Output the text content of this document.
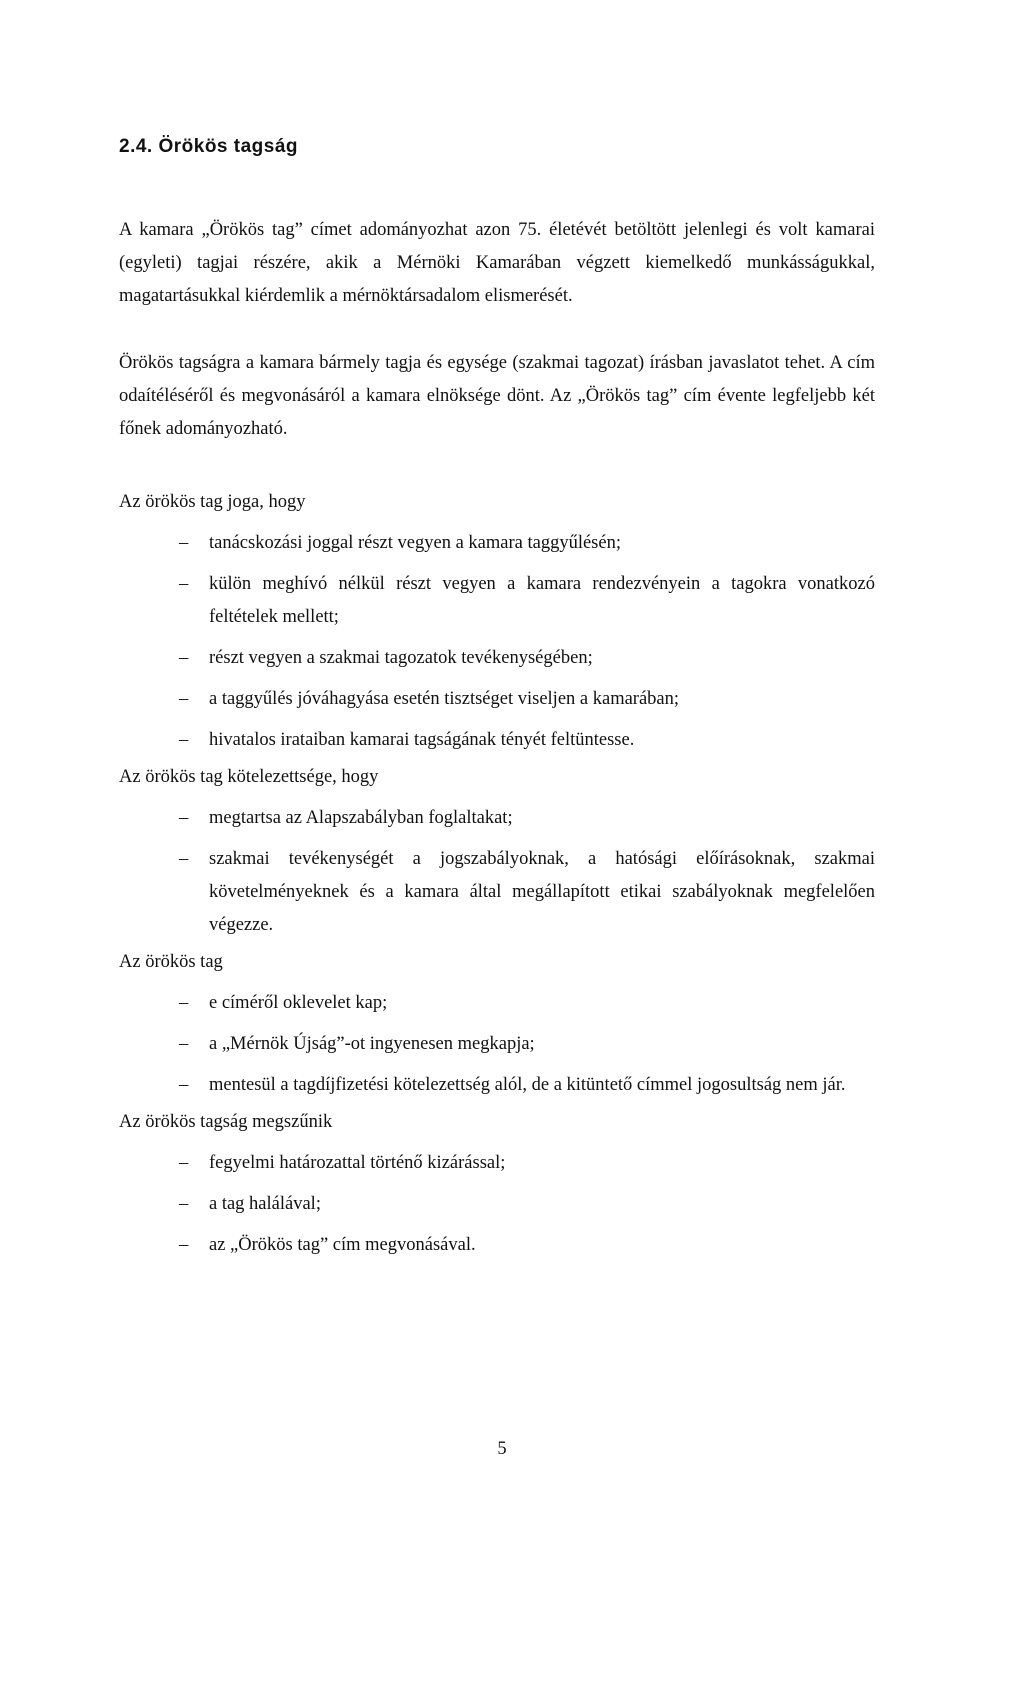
2.4. Örökös tagság

A kamara „Örökös tag” címet adományozhat azon 75. életévét betöltött jelenlegi és volt kamarai (egyleti) tagjai részére, akik a Mérnöki Kamarában végzett kiemelkedő munkásságukkal, magatartásukkal kiérdemlik a mérnöktársadalom elismerését.

Örökös tagságra a kamara bármely tagja és egysége (szakmai tagozat) írásban javaslatot tehet. A cím odaítéléséről és megvonásáról a kamara elnöksége dönt. Az „Örökös tag” cím évente legfeljebb két főnek adományozható.

Az örökös tag joga, hogy

– tanácskozási joggal részt vegyen a kamara taggyűlésén;
– külön meghívó nélkül részt vegyen a kamara rendezvényein a tagokra vonatkozó feltételek mellett;
– részt vegyen a szakmai tagozatok tevékenységében;
– a taggyűlés jóváhagyása esetén tisztséget viseljen a kamarában;
– hivatalos irataiban kamarai tagságának tényét feltüntesse.

Az örökös tag kötelezettsége, hogy

– megtartsa az Alapszabályban foglaltakat;
– szakmai tevékenységét a jogszabályoknak, a hatósági előírásoknak, szakmai követelményeknek és a kamara által megállapított etikai szabályoknak megfelelően végezze.

Az örökös tag

– e címéről oklevelet kap;
– a „Mérnök Újság”-ot ingyenesen megkapja;
– mentesül a tagdíjfizetési kötelezettség alól, de a kitüntető címmel jogosultság nem jár.

Az örökös tagság megszűnik

– fegyelmi határozattal történő kizárással;
– a tag halálával;
– az „Örökös tag” cím megvonásával.
5
